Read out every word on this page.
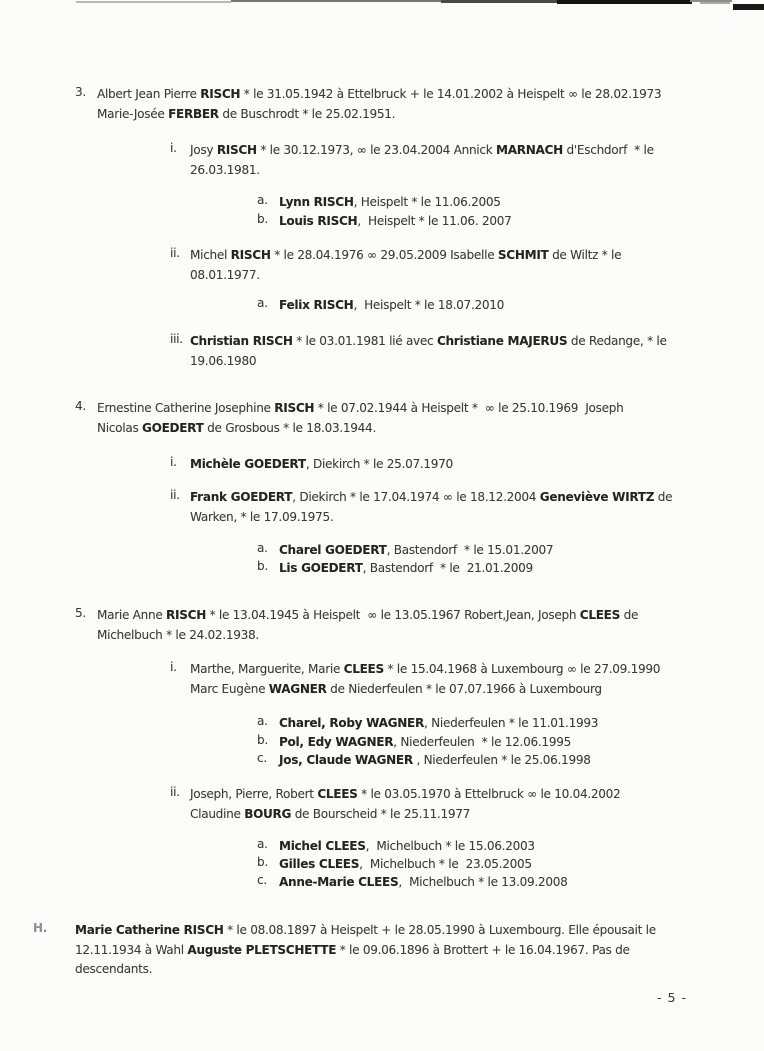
- 5 -
3. Albert Jean Pierre RISCH * le 31.05.1942 à Ettelbruck + le 14.01.2002 à Heispelt ∞ le 28.02.1973
Marie-Josée FERBER de Buschrodt * le 25.02.1951.
i. Josy RISCH * le 30.12.1973, ∞ le 23.04.2004 Annick MARNACH d'Eschdorf  * le
26.03.1981.
a. Lynn RISCH, Heispelt * le 11.06.2005
b. Louis RISCH,  Heispelt * le 11.06. 2007
ii. Michel RISCH * le 28.04.1976 ∞ 29.05.2009 Isabelle SCHMIT de Wiltz * le
08.01.1977.
a. Felix RISCH,  Heispelt * le 18.07.2010
iii. Christian RISCH * le 03.01.1981 lié avec Christiane MAJERUS de Redange, * le
19.06.1980
4. Ernestine Catherine Josephine RISCH * le 07.02.1944 à Heispelt *  ∞ le 25.10.1969  Joseph
Nicolas GOEDERT de Grosbous * le 18.03.1944.
i. Michèle GOEDERT, Diekirch * le 25.07.1970
ii. Frank GOEDERT, Diekirch * le 17.04.1974 ∞ le 18.12.2004 Geneviève WIRTZ de
Warken, * le 17.09.1975.
a. Charel GOEDERT, Bastendorf  * le 15.01.2007
b. Lis GOEDERT, Bastendorf  * le  21.01.2009
5. Marie Anne RISCH * le 13.04.1945 à Heispelt  ∞ le 13.05.1967 Robert,Jean, Joseph CLEES de
Michelbuch * le 24.02.1938.
i. Marthe, Marguerite, Marie CLEES * le 15.04.1968 à Luxembourg ∞ le 27.09.1990
Marc Eugène WAGNER de Niederfeulen * le 07.07.1966 à Luxembourg
a. Charel, Roby WAGNER, Niederfeulen * le 11.01.1993
b. Pol, Edy WAGNER, Niederfeulen  * le 12.06.1995
c. Jos, Claude WAGNER , Niederfeulen * le 25.06.1998
ii. Joseph, Pierre, Robert CLEES * le 03.05.1970 à Ettelbruck ∞ le 10.04.2002
Claudine BOURG de Bourscheid * le 25.11.1977
a. Michel CLEES,  Michelbuch * le 15.06.2003
b. Gilles CLEES,  Michelbuch * le  23.05.2005
c. Anne-Marie CLEES,  Michelbuch * le 13.09.2008
H. Marie Catherine RISCH * le 08.08.1897 à Heispelt + le 28.05.1990 à Luxembourg. Elle épousait le
12.11.1934 à Wahl Auguste PLETSCHETTE * le 09.06.1896 à Brottert + le 16.04.1967. Pas de
descendants.
